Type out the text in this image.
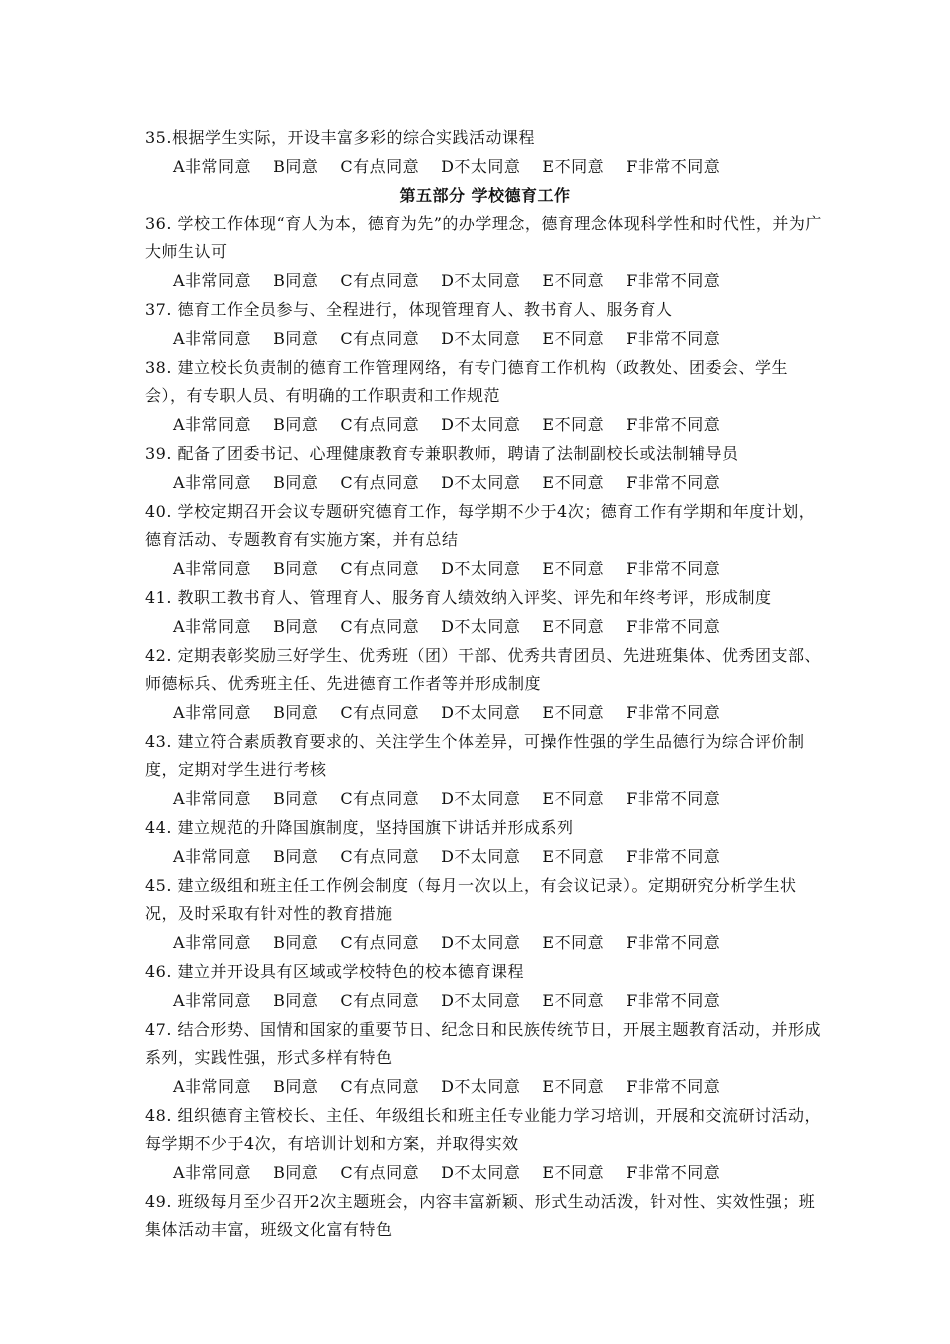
35.根据学生实际，开设丰富多彩的综合实践活动课程

A非常同意 B同意 C有点同意 D不太同意 E不同意 F非常不同意

第五部分 学校德育工作

36. 学校工作体现“育人为本，德育为先”的办学理念，德育理念体现科学性和时代性，并为广大师生认可

A非常同意 B同意 C有点同意 D不太同意 E不同意 F非常不同意

37. 德育工作全员参与、全程进行，体现管理育人、教书育人、服务育人

A非常同意 B同意 C有点同意 D不太同意 E不同意 F非常不同意

38. 建立校长负责制的德育工作管理网络，有专门德育工作机构（政教处、团委会、学生会），有专职人员、有明确的工作职责和工作规范

A非常同意 B同意 C有点同意 D不太同意 E不同意 F非常不同意

39. 配备了团委书记、心理健康教育专兼职教师，聘请了法制副校长或法制辅导员

A非常同意 B同意 C有点同意 D不太同意 E不同意 F非常不同意

40. 学校定期召开会议专题研究德育工作，每学期不少于4次；德育工作有学期和年度计划，德育活动、专题教育有实施方案，并有总结

A非常同意 B同意 C有点同意 D不太同意 E不同意 F非常不同意

41. 教职工教书育人、管理育人、服务育人绩效纳入评奖、评先和年终考评，形成制度

A非常同意 B同意 C有点同意 D不太同意 E不同意 F非常不同意

42. 定期表彰奖励三好学生、优秀班（团）干部、优秀共青团员、先进班集体、优秀团支部、师德标兵、优秀班主任、先进德育工作者等并形成制度

A非常同意 B同意 C有点同意 D不太同意 E不同意 F非常不同意

43. 建立符合素质教育要求的、关注学生个体差异，可操作性强的学生品德行为综合评价制度，定期对学生进行考核

A非常同意 B同意 C有点同意 D不太同意 E不同意 F非常不同意

44. 建立规范的升降国旗制度，坚持国旗下讲话并形成系列

A非常同意 B同意 C有点同意 D不太同意 E不同意 F非常不同意

45. 建立级组和班主任工作例会制度（每月一次以上，有会议记录）。定期研究分析学生状况，及时采取有针对性的教育措施

A非常同意 B同意 C有点同意 D不太同意 E不同意 F非常不同意

46. 建立并开设具有区域或学校特色的校本德育课程

A非常同意 B同意 C有点同意 D不太同意 E不同意 F非常不同意

47. 结合形势、国情和国家的重要节日、纪念日和民族传统节日，开展主题教育活动，并形成系列，实践性强，形式多样有特色

A非常同意 B同意 C有点同意 D不太同意 E不同意 F非常不同意

48. 组织德育主管校长、主任、年级组长和班主任专业能力学习培训，开展和交流研讨活动，每学期不少于4次，有培训计划和方案，并取得实效

A非常同意 B同意 C有点同意 D不太同意 E不同意 F非常不同意

49. 班级每月至少召开2次主题班会，内容丰富新颖、形式生动活泼，针对性、实效性强；班集体活动丰富，班级文化富有特色
